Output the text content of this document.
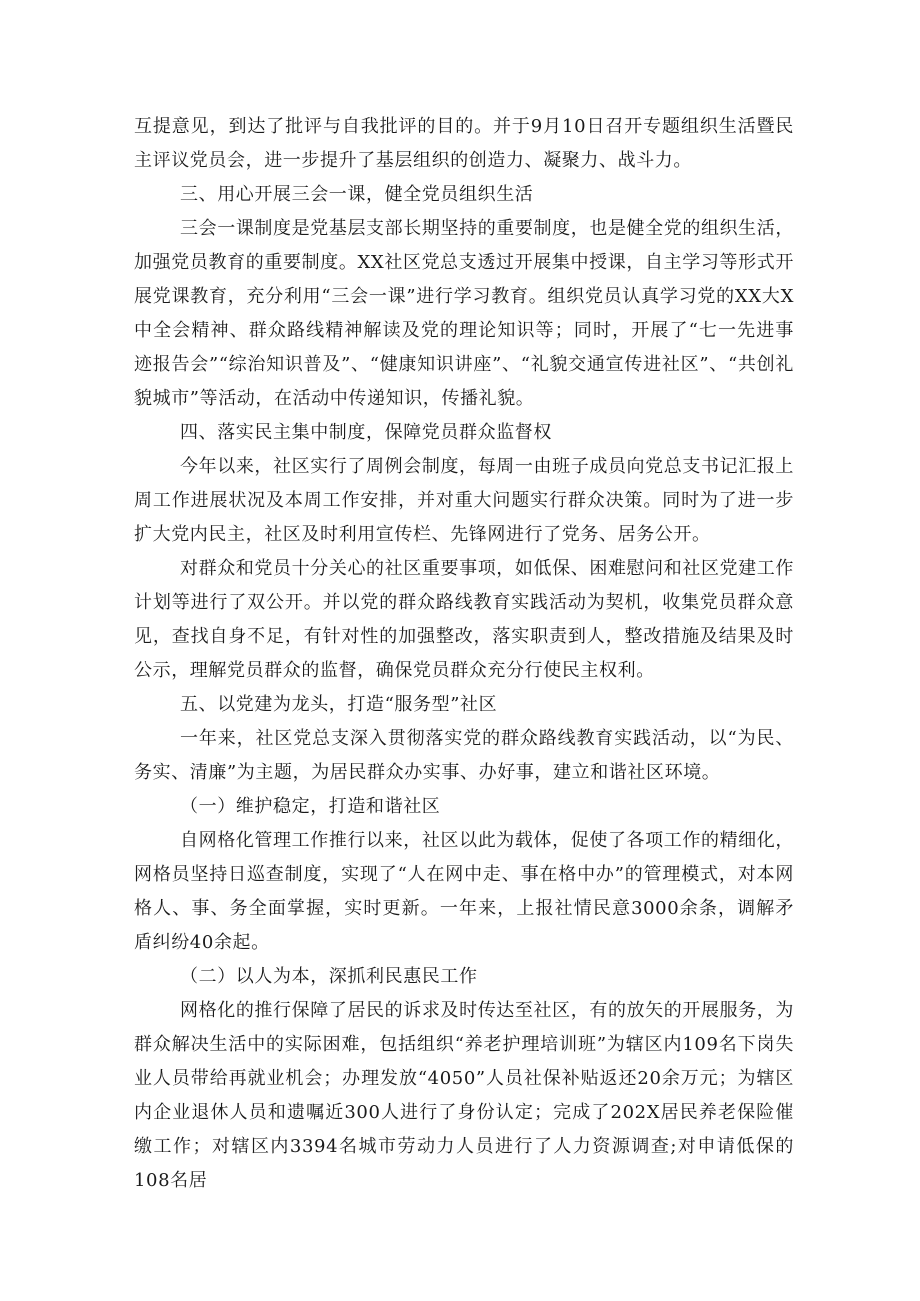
互提意见，到达了批评与自我批评的目的。并于9月10日召开专题组织生活暨民主评议党员会，进一步提升了基层组织的创造力、凝聚力、战斗力。

三、用心开展三会一课，健全党员组织生活

三会一课制度是党基层支部长期坚持的重要制度，也是健全党的组织生活，加强党员教育的重要制度。XX社区党总支透过开展集中授课，自主学习等形式开展党课教育，充分利用“三会一课”进行学习教育。组织党员认真学习党的XX大X中全会精神、群众路线精神解读及党的理论知识等；同时，开展了“七一先进事迹报告会”“综治知识普及”、“健康知识讲座”、“礼貌交通宣传进社区”、“共创礼貌城市”等活动，在活动中传递知识，传播礼貌。

四、落实民主集中制度，保障党员群众监督权

今年以来，社区实行了周例会制度，每周一由班子成员向党总支书记汇报上周工作进展状况及本周工作安排，并对重大问题实行群众决策。同时为了进一步扩大党内民主，社区及时利用宣传栏、先锋网进行了党务、居务公开。

对群众和党员十分关心的社区重要事项，如低保、困难慰问和社区党建工作计划等进行了双公开。并以党的群众路线教育实践活动为契机，收集党员群众意见，查找自身不足，有针对性的加强整改，落实职责到人，整改措施及结果及时公示，理解党员群众的监督，确保党员群众充分行使民主权利。

五、以党建为龙头，打造“服务型”社区

一年来，社区党总支深入贯彻落实党的群众路线教育实践活动，以“为民、务实、清廉”为主题，为居民群众办实事、办好事，建立和谐社区环境。

（一）维护稳定，打造和谐社区

自网格化管理工作推行以来，社区以此为载体，促使了各项工作的精细化，网格员坚持日巡查制度，实现了“人在网中走、事在格中办”的管理模式，对本网格人、事、务全面掌握，实时更新。一年来，上报社情民意3000余条，调解矛盾纠纷40余起。

（二）以人为本，深抓利民惠民工作

网格化的推行保障了居民的诉求及时传达至社区，有的放矢的开展服务，为群众解决生活中的实际困难，包括组织“养老护理培训班”为辖区内109名下岗失业人员带给再就业机会；办理发放“4050”人员社保补贴返还20余万元；为辖区内企业退休人员和遗嘱近300人进行了身份认定；完成了202X居民养老保险催缴工作；对辖区内3394名城市劳动力人员进行了人力资源调查;对申请低保的108名居
